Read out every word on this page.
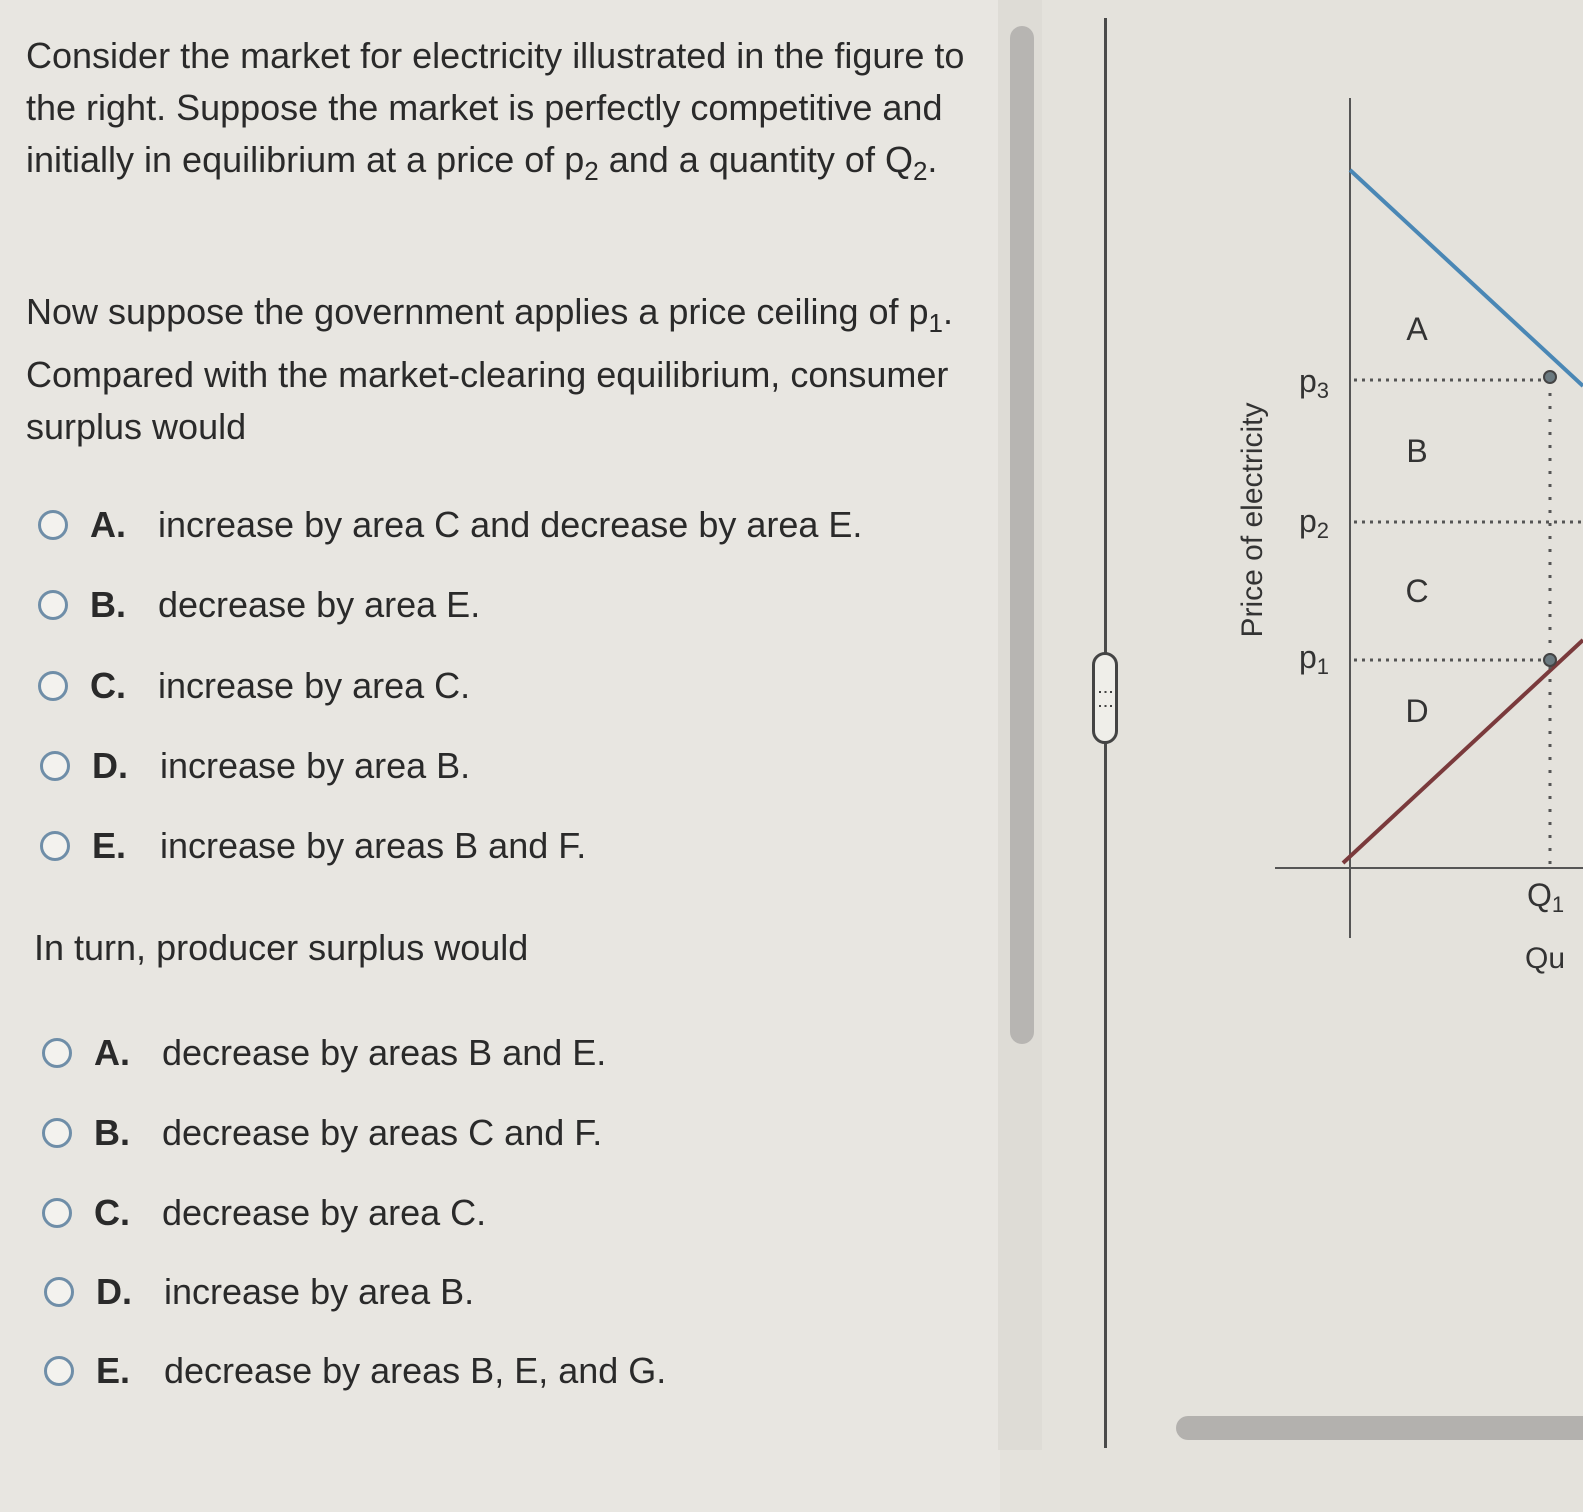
Consider the market for electricity illustrated in the figure to the right. Suppose the market is perfectly competitive and initially in equilibrium at a price of $p_2$ and a quantity of $Q_2$.

Now suppose the government applies a price ceiling of $p_1$. Compared with the market-clearing equilibrium, consumer surplus would

A. increase by area C and decrease by area E.
B. decrease by area E.
C. increase by area C.
D. increase by area B.
E. increase by areas B and F.

In turn, producer surplus would

A. decrease by areas B and E.
B. decrease by areas C and F.
C. decrease by area C.
D. increase by area B.
E. decrease by areas B, E, and G.
⋮⋮
Price of electricity
p3
p2
p1
A
B
C
D
Q1
Qu
